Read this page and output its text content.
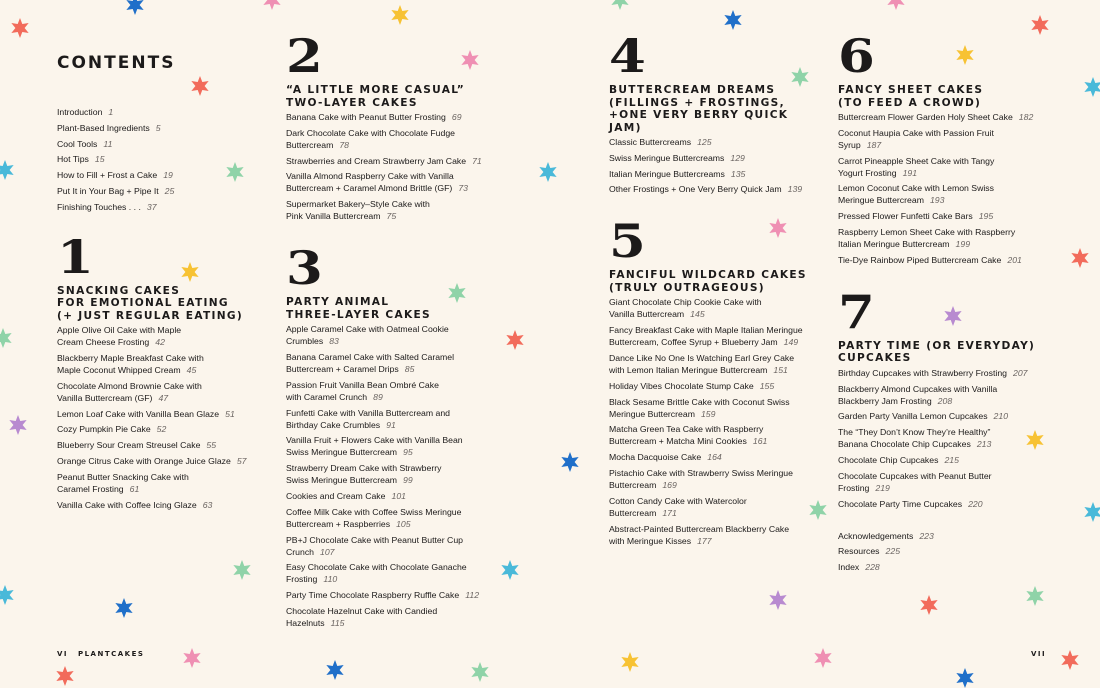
CONTENTS
Introduction 1
Plant-Based Ingredients 5
Cool Tools 11
Hot Tips 15
How to Fill + Frost a Cake 19
Put It in Your Bag + Pipe It 25
Finishing Touches . . . 37
1
SNACKING CAKES
FOR EMOTIONAL EATING
(+ JUST REGULAR EATING)
Apple Olive Oil Cake with Maple
Cream Cheese Frosting 42
Blackberry Maple Breakfast Cake with
Maple Coconut Whipped Cream 45
Chocolate Almond Brownie Cake with
Vanilla Buttercream (GF) 47
Lemon Loaf Cake with Vanilla Bean Glaze 51
Cozy Pumpkin Pie Cake 52
Blueberry Sour Cream Streusel Cake 55
Orange Citrus Cake with Orange Juice Glaze 57
Peanut Butter Snacking Cake with
Caramel Frosting 61
Vanilla Cake with Coffee Icing Glaze 63
2
“A LITTLE MORE CASUAL”
TWO-LAYER CAKES
Banana Cake with Peanut Butter Frosting 69
Dark Chocolate Cake with Chocolate Fudge
Buttercream 78
Strawberries and Cream Strawberry Jam Cake 71
Vanilla Almond Raspberry Cake with Vanilla
Buttercream + Caramel Almond Brittle (GF) 73
Supermarket Bakery–Style Cake with
Pink Vanilla Buttercream 75
3
PARTY ANIMAL
THREE-LAYER CAKES
Apple Caramel Cake with Oatmeal Cookie
Crumbles 83
Banana Caramel Cake with Salted Caramel
Buttercream + Caramel Drips 85
Passion Fruit Vanilla Bean Ombré Cake
with Caramel Crunch 89
Funfetti Cake with Vanilla Buttercream and
Birthday Cake Crumbles 91
Vanilla Fruit + Flowers Cake with Vanilla Bean
Swiss Meringue Buttercream 95
Strawberry Dream Cake with Strawberry
Swiss Meringue Buttercream 99
Cookies and Cream Cake 101
Coffee Milk Cake with Coffee Swiss Meringue
Buttercream + Raspberries 105
PB+J Chocolate Cake with Peanut Butter Cup
Crunch 107
Easy Chocolate Cake with Chocolate Ganache
Frosting 110
Party Time Chocolate Raspberry Ruffle Cake 112
Chocolate Hazelnut Cake with Candied
Hazelnuts 115
4
BUTTERCREAM DREAMS
(FILLINGS + FROSTINGS,
+ONE VERY BERRY QUICK JAM)
Classic Buttercreams 125
Swiss Meringue Buttercreams 129
Italian Meringue Buttercreams 135
Other Frostings + One Very Berry Quick Jam 139
5
FANCIFUL WILDCARD CAKES
(TRULY OUTRAGEOUS)
Giant Chocolate Chip Cookie Cake with
Vanilla Buttercream 145
Fancy Breakfast Cake with Maple Italian Meringue
Buttercream, Coffee Syrup + Blueberry Jam 149
Dance Like No One Is Watching Earl Grey Cake
with Lemon Italian Meringue Buttercream 151
Holiday Vibes Chocolate Stump Cake 155
Black Sesame Brittle Cake with Coconut Swiss
Meringue Buttercream 159
Matcha Green Tea Cake with Raspberry
Buttercream + Matcha Mini Cookies 161
Mocha Dacquoise Cake 164
Pistachio Cake with Strawberry Swiss Meringue
Buttercream 169
Cotton Candy Cake with Watercolor
Buttercream 171
Abstract-Painted Buttercream Blackberry Cake
with Meringue Kisses 177
6
FANCY SHEET CAKES
(TO FEED A CROWD)
Buttercream Flower Garden Holy Sheet Cake 182
Coconut Haupia Cake with Passion Fruit
Syrup 187
Carrot Pineapple Sheet Cake with Tangy
Yogurt Frosting 191
Lemon Coconut Cake with Lemon Swiss
Meringue Buttercream 193
Pressed Flower Funfetti Cake Bars 195
Raspberry Lemon Sheet Cake with Raspberry
Italian Meringue Buttercream 199
Tie-Dye Rainbow Piped Buttercream Cake 201
7
PARTY TIME (OR EVERYDAY)
CUPCAKES
Birthday Cupcakes with Strawberry Frosting 207
Blackberry Almond Cupcakes with Vanilla
Blackberry Jam Frosting 208
Garden Party Vanilla Lemon Cupcakes 210
The “They Don’t Know They’re Healthy”
Banana Chocolate Chip Cupcakes 213
Chocolate Chip Cupcakes 215
Chocolate Cupcakes with Peanut Butter
Frosting 219
Chocolate Party Time Cupcakes 220
Acknowledgements 223
Resources 225
Index 228
VI PLANTCAKES	VII
